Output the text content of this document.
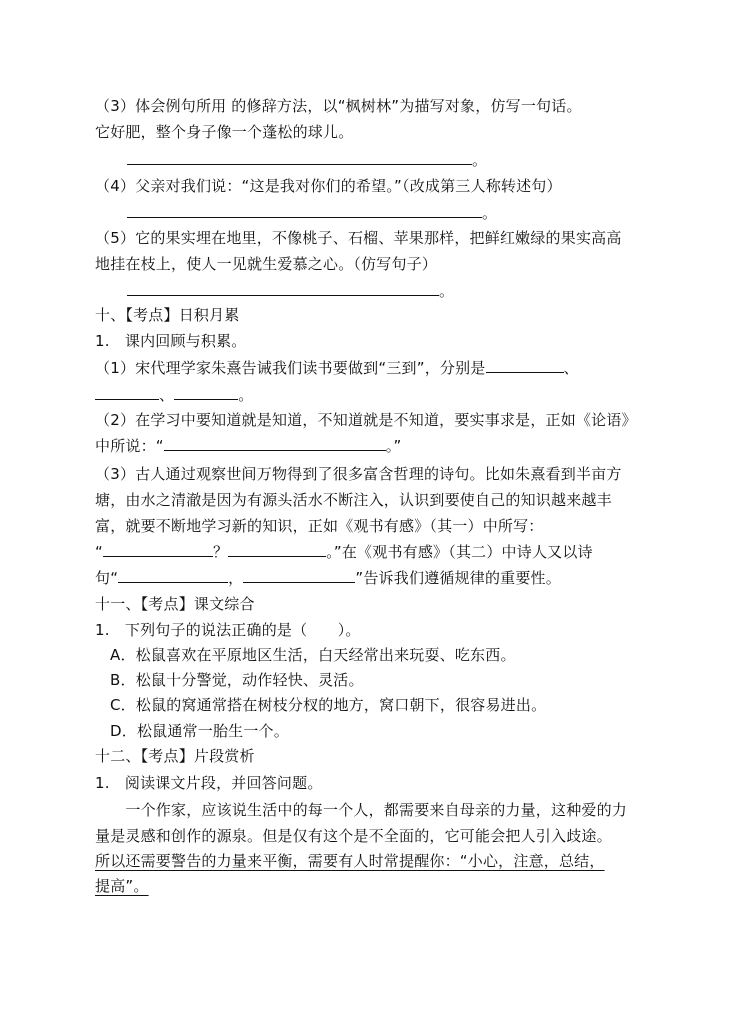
（3）体会例句所用 的修辞方法，以“枫树林”为描写对象，仿写一句话。
它好肥，整个身子像一个蓬松的球儿。
。
（4）父亲对我们说：“这是我对你们的希望。”（改成第三人称转述句）
。
（5）它的果实埋在地里，不像桃子、石榴、苹果那样，把鲜红嫩绿的果实高高
地挂在枝上，使人一见就生爱慕之心。（仿写句子）
。
十、【考点】日积月累
1.　课内回顾与积累。
（1）宋代理学家朱熹告诫我们读书要做到“三到”，分别是	、
、	。
（2）在学习中要知道就是知道，不知道就是不知道，要实事求是，正如《论语》
中所说：“	。”
（3）古人通过观察世间万物得到了很多富含哲理的诗句。比如朱熹看到半亩方
塘，由水之清澈是因为有源头活水不断注入，认识到要使自己的知识越来越丰
富，就要不断地学习新的知识，正如《观书有感》（其一）中所写：
“	？	。”在《观书有感》（其二）中诗人又以诗
句“	，	”告诉我们遵循规律的重要性。
十一、【考点】课文综合
1.　下列句子的说法正确的是（　　）。
A．松鼠喜欢在平原地区生活，白天经常出来玩耍、吃东西。
B．松鼠十分警觉，动作轻快、灵活。
C．松鼠的窝通常搭在树枝分杈的地方，窝口朝下，很容易进出。
D．松鼠通常一胎生一个。
十二、【考点】片段赏析
1.　阅读课文片段，并回答问题。
　　一个作家，应该说生活中的每一个人，都需要来自母亲的力量，这种爱的力
量是灵感和创作的源泉。但是仅有这个是不全面的，它可能会把人引入歧途。
所以还需要警告的力量来平衡，需要有人时常提醒你：“小心，注意，总结，
提高”。
